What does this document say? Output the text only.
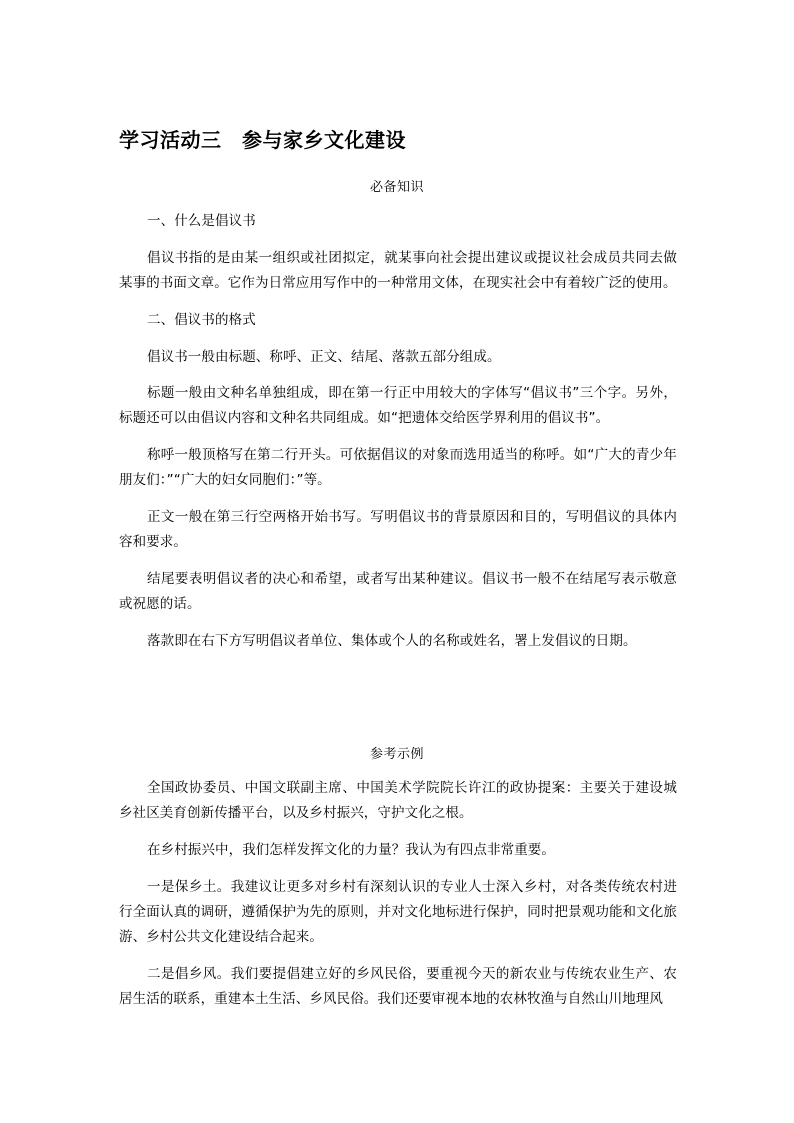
学习活动三　参与家乡文化建设
必备知识
一、什么是倡议书
倡议书指的是由某一组织或社团拟定，就某事向社会提出建议或提议社会成员共同去做某事的书面文章。它作为日常应用写作中的一种常用文体，在现实社会中有着较广泛的使用。
二、倡议书的格式
倡议书一般由标题、称呼、正文、结尾、落款五部分组成。
标题一般由文种名单独组成，即在第一行正中用较大的字体写“倡议书”三个字。另外，标题还可以由倡议内容和文种名共同组成。如“把遗体交给医学界利用的倡议书”。
称呼一般顶格写在第二行开头。可依据倡议的对象而选用适当的称呼。如“广大的青少年朋友们：”“广大的妇女同胞们：”等。
正文一般在第三行空两格开始书写。写明倡议书的背景原因和目的，写明倡议的具体内容和要求。
结尾要表明倡议者的决心和希望，或者写出某种建议。倡议书一般不在结尾写表示敬意或祝愿的话。
落款即在右下方写明倡议者单位、集体或个人的名称或姓名，署上发倡议的日期。
参考示例
全国政协委员、中国文联副主席、中国美术学院院长许江的政协提案：主要关于建设城乡社区美育创新传播平台，以及乡村振兴，守护文化之根。
在乡村振兴中，我们怎样发挥文化的力量？我认为有四点非常重要。
一是保乡土。我建议让更多对乡村有深刻认识的专业人士深入乡村，对各类传统农村进行全面认真的调研，遵循保护为先的原则，并对文化地标进行保护，同时把景观功能和文化旅游、乡村公共文化建设结合起来。
二是倡乡风。我们要提倡建立好的乡风民俗，要重视今天的新农业与传统农业生产、农居生活的联系，重建本土生活、乡风民俗。我们还要审视本地的农林牧渔与自然山川地理风
